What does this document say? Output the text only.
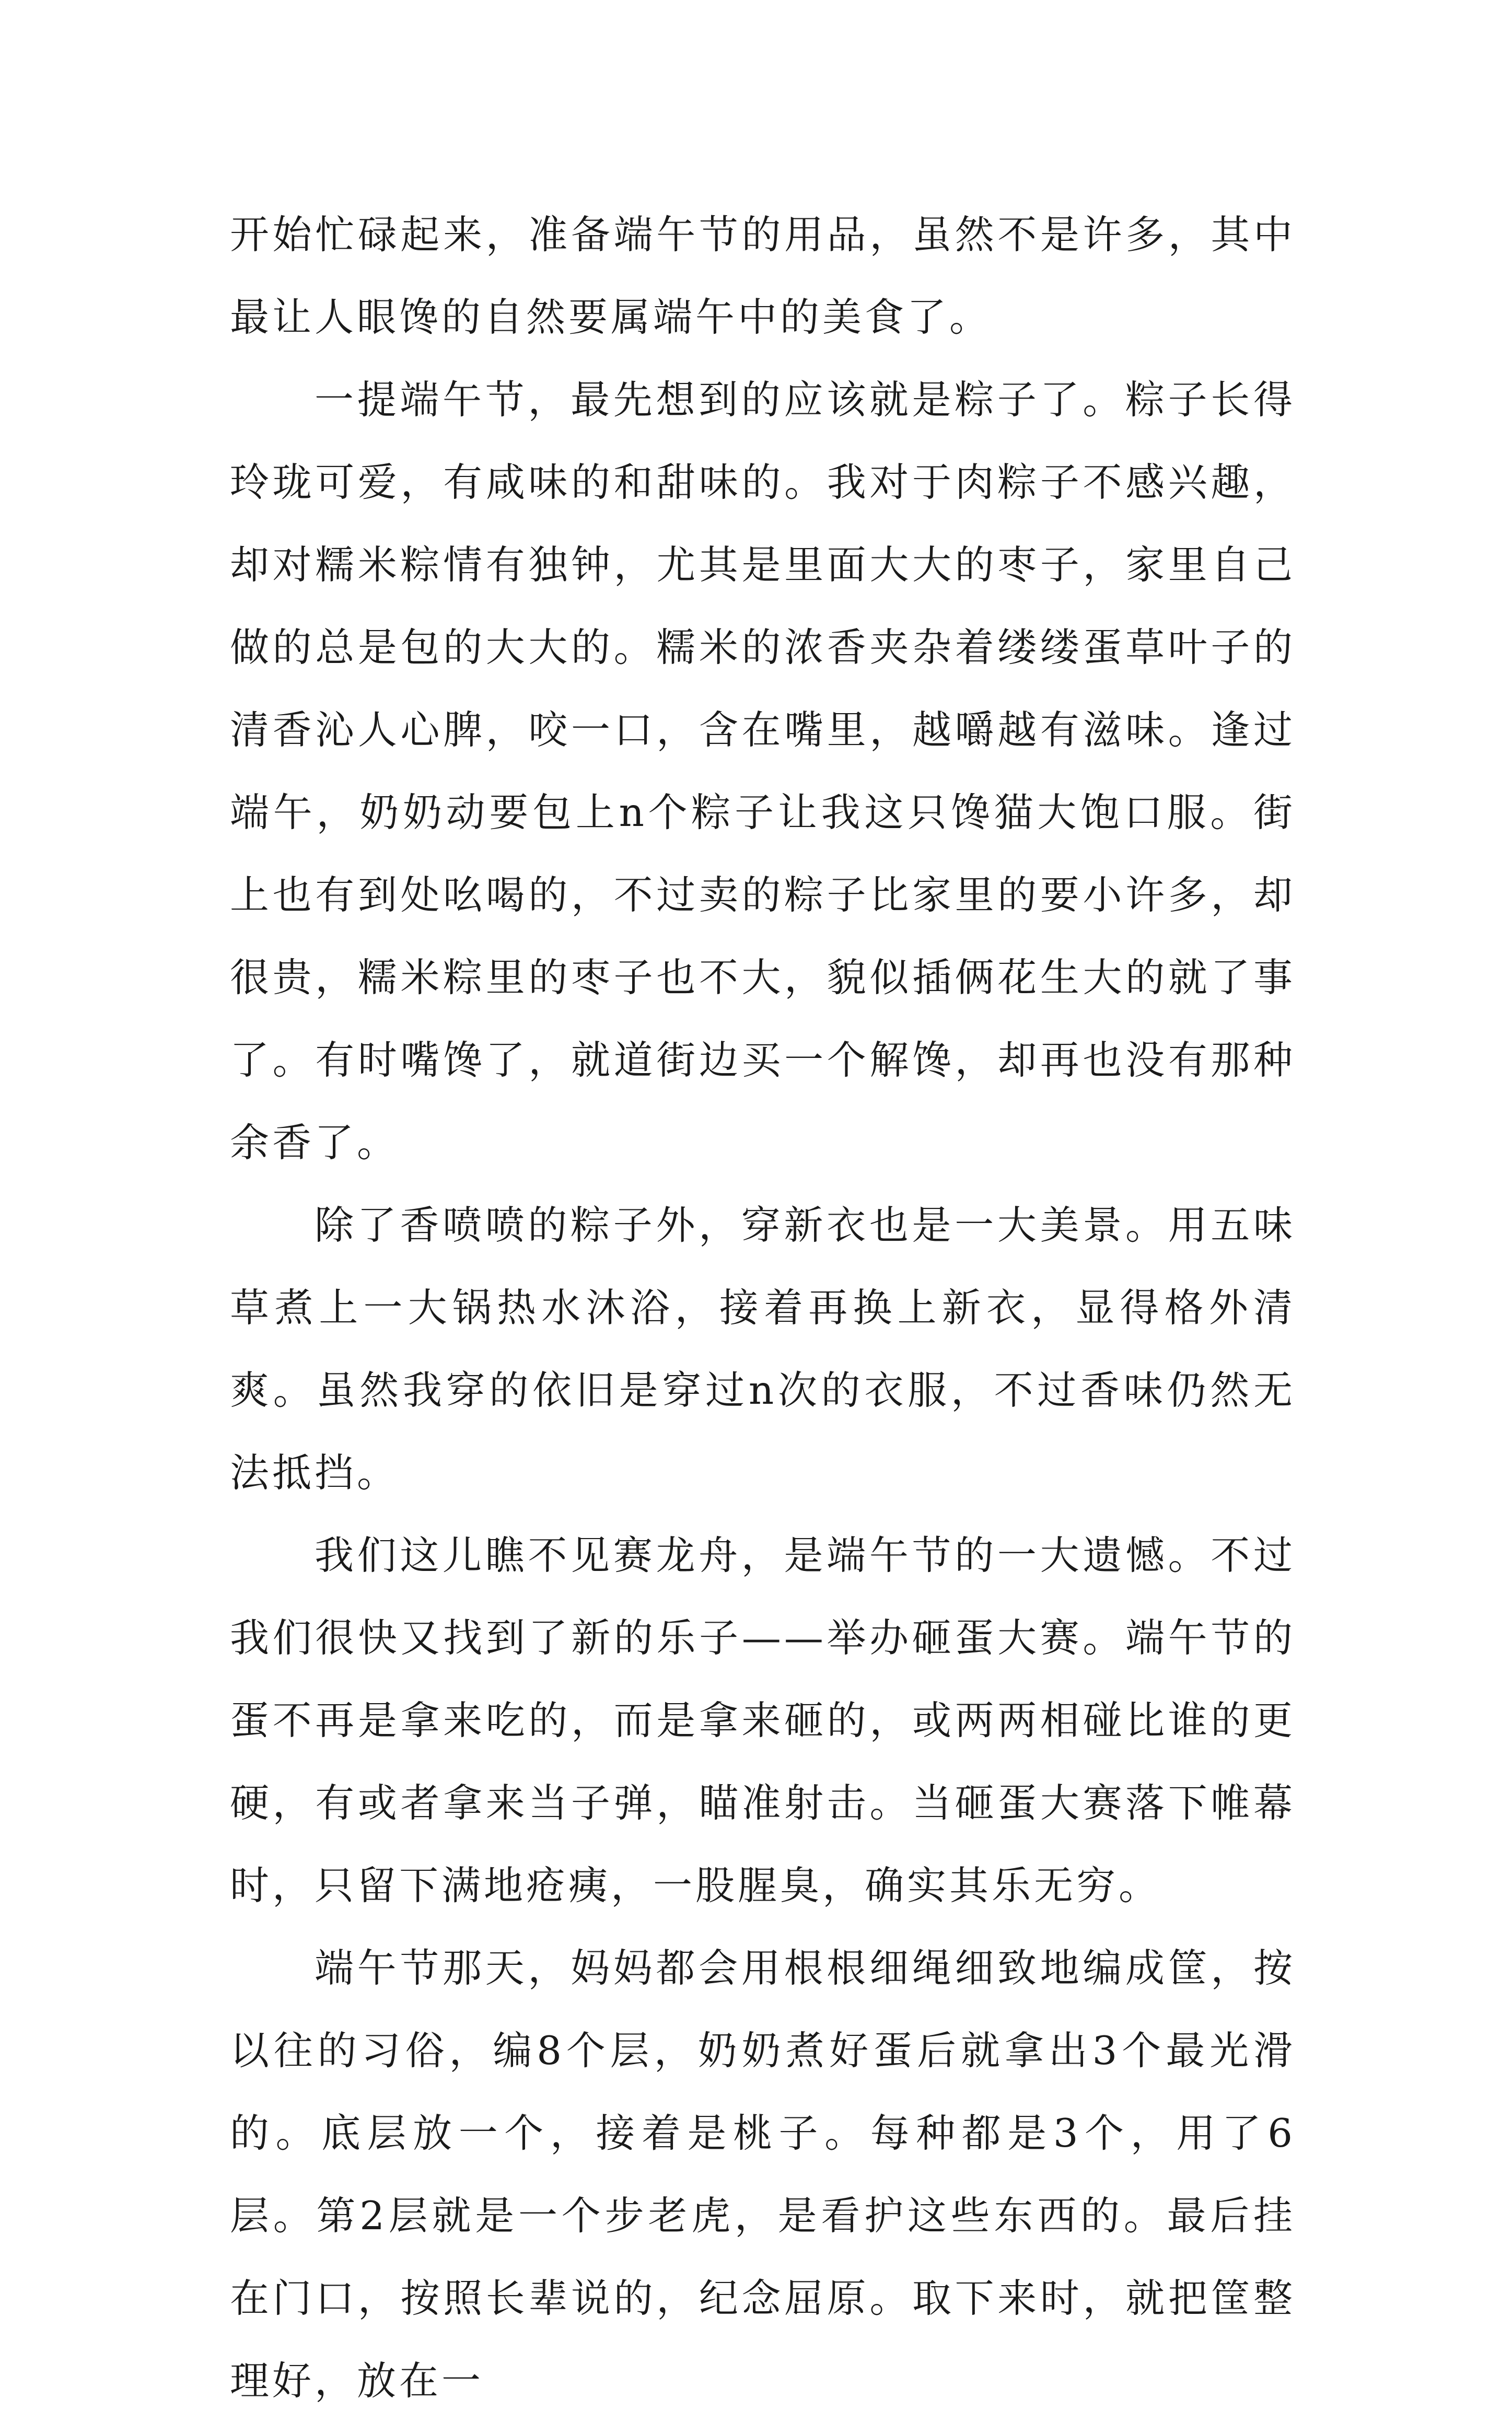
开始忙碌起来，准备端午节的用品，虽然不是许多，其中最让人眼馋的自然要属端午中的美食了。

一提端午节，最先想到的应该就是粽子了。粽子长得玲珑可爱，有咸味的和甜味的。我对于肉粽子不感兴趣，却对糯米粽情有独钟，尤其是里面大大的枣子，家里自己做的总是包的大大的。糯米的浓香夹杂着缕缕蛋草叶子的清香沁人心脾，咬一口，含在嘴里，越嚼越有滋味。逢过端午，奶奶动要包上n个粽子让我这只馋猫大饱口服。街上也有到处吆喝的，不过卖的粽子比家里的要小许多，却很贵，糯米粽里的枣子也不大，貌似插俩花生大的就了事了。有时嘴馋了，就道街边买一个解馋，却再也没有那种余香了。

除了香喷喷的粽子外，穿新衣也是一大美景。用五味草煮上一大锅热水沐浴，接着再换上新衣，显得格外清爽。虽然我穿的依旧是穿过n次的衣服，不过香味仍然无法抵挡。

我们这儿瞧不见赛龙舟，是端午节的一大遗憾。不过我们很快又找到了新的乐子——举办砸蛋大赛。端午节的蛋不再是拿来吃的，而是拿来砸的，或两两相碰比谁的更硬，有或者拿来当子弹，瞄准射击。当砸蛋大赛落下帷幕时，只留下满地疮痍，一股腥臭，确实其乐无穷。

端午节那天，妈妈都会用根根细绳细致地编成筐，按以往的习俗，编8个层，奶奶煮好蛋后就拿出3个最光滑的。底层放一个，接着是桃子。每种都是3个，用了6层。第2层就是一个步老虎，是看护这些东西的。最后挂在门口，按照长辈说的，纪念屈原。取下来时，就把筐整理好，放在一
